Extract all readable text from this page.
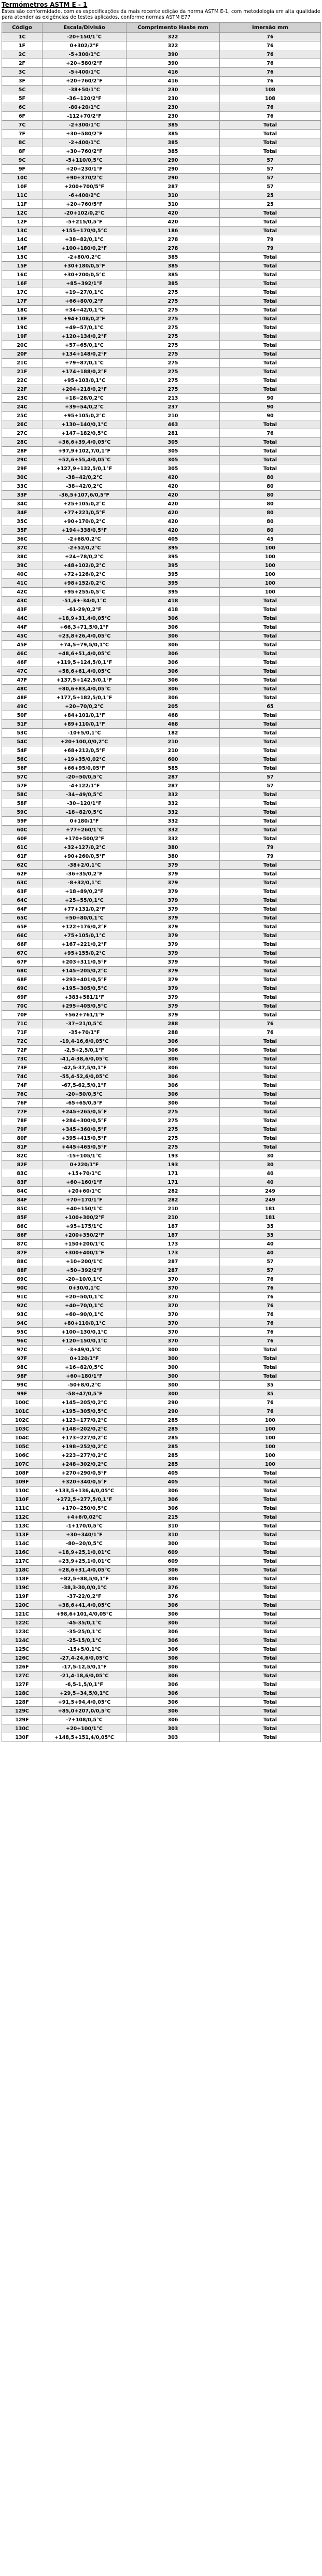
Termómetros ASTM E - 1
Estes são conformidade, com as especificações da mais recente edição da norma ASTM E-1, com metodologia em alta qualidade para atender as exigências de testes aplicados, conforme normas ASTM E77
Código	Escala/Divisão	Comprimento Haste mm	Imersão mm
1C	-20+150/1°C	322	76
1F	0+302/2°F	322	76
2C	-5+300/1°C	390	76
2F	+20+580/2°F	390	76
3C	-5+400/1°C	416	76
3F	+20+760/2°F	416	76
5C	-38+50/1°C	230	108
5F	-36+120/2°F	230	108
6C	-80+20/1°C	230	76
6F	-112+70/2°F	230	76
7C	-2+300/1°C	385	Total
7F	+30+580/2°F	385	Total
8C	-2+400/1°C	385	Total
8F	+30+760/2°F	385	Total
9C	-5+110/0,5°C	290	57
9F	+20+230/1°F	290	57
10C	+90+370/2°C	290	57
10F	+200+700/5°F	287	57
11C	-6+400/2°C	310	25
11F	+20+760/5°F	310	25
12C	-20+102/0,2°C	420	Total
12F	-5+215/0,5°F	420	Total
13C	+155+170/0,5°C	186	Total
14C	+38+82/0,1°C	278	79
14F	+100+180/0,2°F	278	79
15C	-2+80/0,2°C	385	Total
15F	+30+180/0,5°F	385	Total
16C	+30+200/0,5°C	385	Total
16F	+85+392/1°F	385	Total
17C	+19+27/0,1°C	275	Total
17F	+66+80/0,2°F	275	Total
18C	+34+42/0,1°C	275	Total
18F	+94+108/0,2°F	275	Total
19C	+49+57/0,1°C	275	Total
19F	+120+134/0,2°F	275	Total
20C	+57+65/0,1°C	275	Total
20F	+134+148/0,2°F	275	Total
21C	+79+87/0,1°C	275	Total
21F	+174+188/0,2°F	275	Total
22C	+95+103/0,1°C	275	Total
22F	+204+218/0,2°F	275	Total
23C	+18+28/0,2°C	213	90
24C	+39+54/0,2°C	237	90
25C	+95+105/0,2°C	210	90
26C	+130+140/0,1°C	463	Total
27C	+147+182/0,5°C	281	76
28C	+36,6+39,4/0,05°C	305	Total
28F	+97,9+102,7/0,1°F	305	Total
29C	+52,6+55,4/0,05°C	305	Total
29F	+127,9+132,5/0,1°F	305	Total
30C	-38+42/0,2°C	420	80
33C	-38+42/0,2°C	420	80
33F	-36,5+107,6/0,5°F	420	80
34C	+25+105/0,2°C	420	80
34F	+77+221/0,5°F	420	80
35C	+90+170/0,2°C	420	80
35F	+194+338/0,5°F	420	80
36C	-2+68/0,2°C	405	45
37C	-2+52/0,2°C	395	100
38C	+24+78/0,2°C	395	100
39C	+48+102/0,2°C	395	100
40C	+72+126/0,2°C	395	100
41C	+98+152/0,2°C	395	100
42C	+95+255/0,5°C	395	100
43C	-51,6+-34/0,1°C	418	Total
43F	-61-29/0,2°F	418	Total
44C	+18,9+31,4/0,05°C	306	Total
44F	+66,3+71,5/0,1°F	306	Total
45C	+23,8+26,4/0,05°C	306	Total
45F	+74,5+79,5/0,1°C	306	Total
46C	+48,6+51,4/0,05°C	306	Total
46F	+119,5+124,5/0,1°F	306	Total
47C	+58,6+61,4/0,05°C	306	Total
47F	+137,5+142,5/0,1°F	306	Total
48C	+80,6+83,4/0,05°C	306	Total
48F	+177,5+182,5/0,1°F	306	Total
49C	+20+70/0,2°C	205	65
50F	+84+101/0,1°F	468	Total
51F	+89+110/0,1°F	468	Total
53C	-10+5/0,1°C	182	Total
54C	+20+100,0/0,2°C	210	Total
54F	+68+212/0,5°F	210	Total
56C	+19+35/0,02°C	600	Total
56F	+66+95/0,05°F	585	Total
57C	-20+50/0,5°C	287	57
57F	-4+122/1°F	287	57
58C	-34+49/0,5°C	332	Total
58F	-30+120/1°F	332	Total
59C	-18+82/0,5°C	332	Total
59F	0+180/1°F	332	Total
60C	+77+260/1°C	332	Total
60F	+170+500/2°F	332	Total
61C	+32+127/0,2°C	380	79
61F	+90+260/0,5°F	380	79
62C	-38+2/0,1°C	379	Total
62F	-36+35/0,2°F	379	Total
63C	-8+32/0,1°C	379	Total
63F	+18+89/0,2°F	379	Total
64C	+25+55/0,1°C	379	Total
64F	+77+131/0,2°F	379	Total
65C	+50+80/0,1°C	379	Total
65F	+122+176/0,2°F	379	Total
66C	+75+105/0,1°C	379	Total
66F	+167+221/0,2°F	379	Total
67C	+95+155/0,2°C	379	Total
67F	+203+311/0,5°F	379	Total
68C	+145+205/0,2°C	379	Total
68F	+293+401/0,5°F	379	Total
69C	+195+305/0,5°C	379	Total
69F	+383+581/1°F	379	Total
70C	+295+405/0,5°C	379	Total
70F	+562+761/1°F	379	Total
71C	-37+21/0,5°C	288	76
71F	-35+70/1°F	288	76
72C	-19,4-16,6/0,05°C	306	Total
72F	-2,5+2,5/0,1°F	306	Total
73C	-41,4-38,6/0,05°C	306	Total
73F	-42,5-37,5/0,1°F	306	Total
74C	-55,4-52,6/0,05°C	306	Total
74F	-67,5-62,5/0,1°F	306	Total
76C	-20+50/0,5°C	306	Total
76F	-65+65/0,5°F	306	Total
77F	+245+265/0,5°F	275	Total
78F	+284+300/0,5°F	275	Total
79F	+345+360/0,5°F	275	Total
80F	+395+415/0,5°F	275	Total
81F	+445+465/0,5°F	275	Total
82C	-15+105/1°C	193	30
82F	0+220/1°F	193	30
83C	+15+70/1°C	171	40
83F	+60+160/1°F	171	40
84C	+20+60/1°C	282	249
84F	+70+170/1°F	282	249
85C	+40+150/1°C	210	181
85F	+100+300/2°F	210	181
86C	+95+175/1°C	187	35
86F	+200+350/2°F	187	35
87C	+150+200/1°C	173	40
87F	+300+400/1°F	173	40
88C	+10+200/1°C	287	57
88F	+50+392/2°F	287	57
89C	-20+10/0,1°C	370	76
90C	0+30/0,1°C	370	76
91C	+20+50/0,1°C	370	76
92C	+40+70/0,1°C	370	76
93C	+60+90/0,1°C	370	76
94C	+80+110/0,1°C	370	76
95C	+100+130/0,1°C	370	76
96C	+120+150/0,1°C	370	76
97C	-3+49/0,5°C	300	Total
97F	0+120/1°F	300	Total
98C	+16+82/0,5°C	300	Total
98F	+60+180/1°F	300	Total
99C	-50+8/0,2°C	300	35
99F	-58+47/0,5°F	300	35
100C	+145+205/0,2°C	290	76
101C	+195+305/0,5°C	290	76
102C	+123+177/0,2°C	285	100
103C	+148+202/0,2°C	285	100
104C	+173+227/0,2°C	285	100
105C	+198+252/0,2°C	285	100
106C	+223+277/0,2°C	285	100
107C	+248+302/0,2°C	285	100
108F	+270+290/0,5°F	405	Total
109F	+320+340/0,5°F	405	Total
110C	+133,5+136,4/0,05°C	306	Total
110F	+272,5+277,5/0,1°F	306	Total
111C	+170+250/0,5°C	306	Total
112C	+4+6/0,02°C	215	Total
113C	-1+170/0,5°C	310	Total
113F	+30+340/1°F	310	Total
114C	-80+20/0,5°C	300	Total
116C	+18,9+25,1/0,01°C	609	Total
117C	+23,9+25,1/0,01°C	609	Total
118C	+28,6+31,4/0,05°C	306	Total
118F	+82,5+88,5/0,1°F	306	Total
119C	-38,3-30,0/0,1°C	376	Total
119F	-37-22/0,2°F	376	Total
120C	+38,6+41,4/0,05°C	306	Total
121C	+98,6+101,4/0,05°C	306	Total
122C	-45-35/0,1°C	306	Total
123C	-35-25/0,1°C	306	Total
124C	-25-15/0,1°C	306	Total
125C	-15+5/0,1°C	306	Total
126C	-27,4-24,6/0,05°C	306	Total
126F	-17,5-12,5/0,1°F	306	Total
127C	-21,4-18,6/0,05°C	306	Total
127F	-6,5-1,5/0,1°F	306	Total
128C	+29,5+34,5/0,1°C	306	Total
128F	+91,5+94,4/0,05°C	306	Total
129C	+85,0+207,0/0,5°C	306	Total
129F	-7+108/0,5°C	306	Total
130C	+20+100/1°C	303	Total
130F	+148,5+151,4/0,05°C	303	Total
